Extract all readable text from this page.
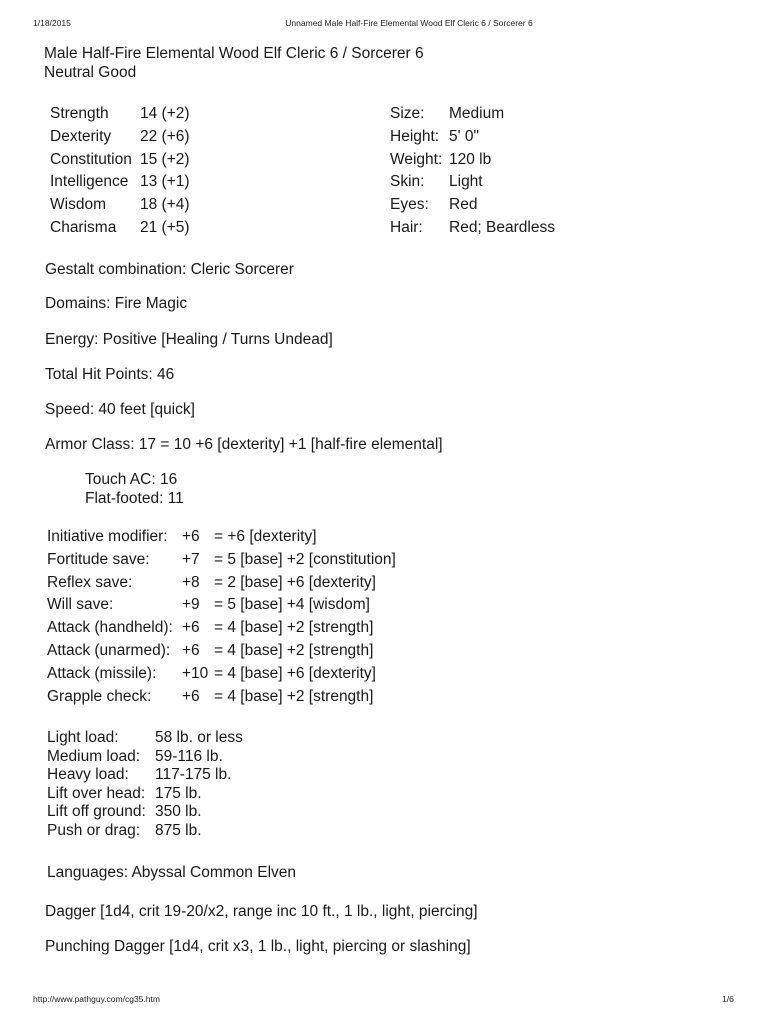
1/18/2015	Unnamed Male Half-Fire Elemental Wood Elf Cleric 6 / Sorcerer 6
Male Half-Fire Elemental Wood Elf Cleric 6 / Sorcerer 6
Neutral Good
Strength
Dexterity
Constitution
Intelligence
Wisdom
Charisma
14 (+2)
22 (+6)
15 (+2)
13 (+1)
18 (+4)
21 (+5)
Size:
Height:
Weight:
Skin:
Eyes:
Hair:
Medium
5' 0"
120 lb
Light
Red
Red; Beardless
Gestalt combination: Cleric Sorcerer
Domains: Fire Magic
Energy: Positive [Healing / Turns Undead]
Total Hit Points: 46
Speed: 40 feet [quick]
Armor Class: 17 = 10 +6 [dexterity] +1 [half-fire elemental]
Touch AC: 16
Flat-footed: 11
Initiative modifier:
Fortitude save:
Reflex save:
Will save:
Attack (handheld):
Attack (unarmed):
Attack (missile):
Grapple check:
+6
+7
+8
+9
+6
+6
+10
+6
= +6 [dexterity]
= 5 [base] +2 [constitution]
= 2 [base] +6 [dexterity]
= 5 [base] +4 [wisdom]
= 4 [base] +2 [strength]
= 4 [base] +2 [strength]
= 4 [base] +6 [dexterity]
= 4 [base] +2 [strength]
Light load:
Medium load:
Heavy load:
Lift over head:
Lift off ground:
Push or drag:
58 lb. or less
59-116 lb.
117-175 lb.
175 lb.
350 lb.
875 lb.
Languages: Abyssal Common Elven
Dagger [1d4, crit 19-20/x2, range inc 10 ft., 1 lb., light, piercing]
Punching Dagger [1d4, crit x3, 1 lb., light, piercing or slashing]
http://www.pathguy.com/cg35.htm	1/6
